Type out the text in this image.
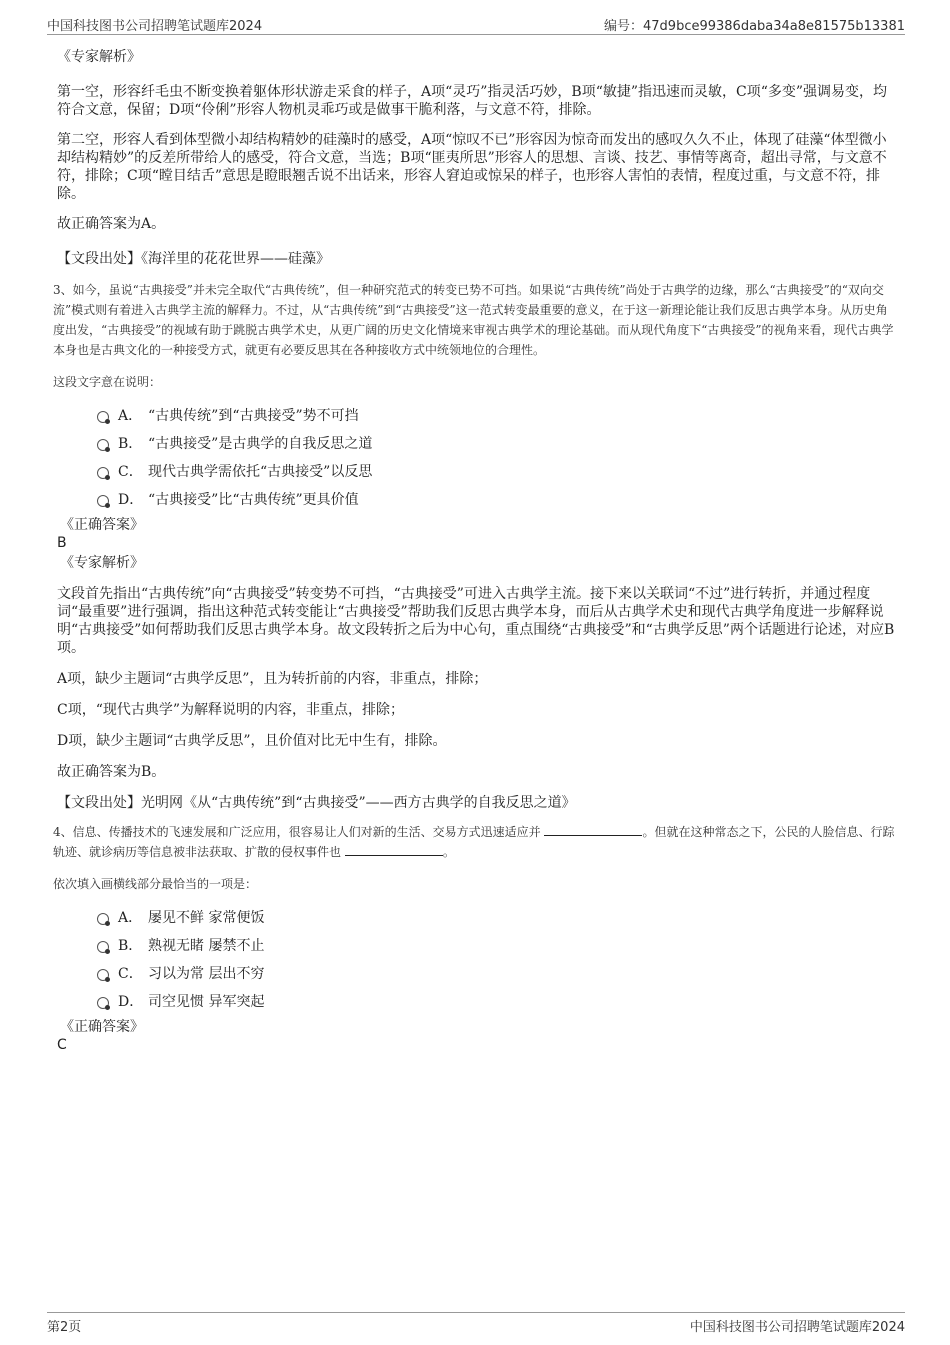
中国科技图书公司招聘笔试题库2024	编号：47d9bce99386daba34a8e81575b13381

《专家解析》

第一空，形容纤毛虫不断变换着躯体形状游走采食的样子，A项“灵巧”指灵活巧妙，B项“敏捷”指迅速而灵敏，C项“多变”强调易变，均符合文意，保留；D项“伶俐”形容人物机灵乖巧或是做事干脆利落，与文意不符，排除。

第二空，形容人看到体型微小却结构精妙的硅藻时的感受，A项“惊叹不已”形容因为惊奇而发出的感叹久久不止，体现了硅藻“体型微小却结构精妙”的反差所带给人的感受，符合文意，当选；B项“匪夷所思”形容人的思想、言谈、技艺、事情等离奇，超出寻常，与文意不符，排除；C项“瞠目结舌”意思是瞪眼翘舌说不出话来，形容人窘迫或惊呆的样子，也形容人害怕的表情，程度过重，与文意不符，排除。

故正确答案为A。

【文段出处】《海洋里的花花世界——硅藻》

3、如今，虽说“古典接受”并未完全取代“古典传统”，但一种研究范式的转变已势不可挡。如果说“古典传统”尚处于古典学的边缘，那么“古典接受”的“双向交流”模式则有着进入古典学主流的解释力。不过，从“古典传统”到“古典接受”这一范式转变最重要的意义，在于这一新理论能让我们反思古典学本身。从历史角度出发，“古典接受”的视域有助于跳脱古典学术史，从更广阔的历史文化情境来审视古典学术的理论基础。而从现代角度下“古典接受”的视角来看，现代古典学本身也是古典文化的一种接受方式，就更有必要反思其在各种接收方式中统领地位的合理性。

这段文字意在说明：

A． “古典传统”到“古典接受”势不可挡
B． “古典接受”是古典学的自我反思之道
C． 现代古典学需依托“古典接受”以反思
D． “古典接受”比“古典传统”更具价值

《正确答案》

B

《专家解析》

文段首先指出“古典传统”向“古典接受”转变势不可挡，“古典接受”可进入古典学主流。接下来以关联词“不过”进行转折，并通过程度词“最重要”进行强调，指出这种范式转变能让“古典接受”帮助我们反思古典学本身，而后从古典学术史和现代古典学角度进一步解释说明“古典接受”如何帮助我们反思古典学本身。故文段转折之后为中心句，重点围绕“古典接受”和“古典学反思”两个话题进行论述，对应B项。

A项，缺少主题词“古典学反思”，且为转折前的内容，非重点，排除；

C项，“现代古典学”为解释说明的内容，非重点，排除；

D项，缺少主题词“古典学反思”，且价值对比无中生有，排除。

故正确答案为B。

【文段出处】光明网《从“古典传统”到“古典接受”——西方古典学的自我反思之道》

4、信息、传播技术的飞速发展和广泛应用，很容易让人们对新的生活、交易方式迅速适应并	。但就在这种常态之下，公民的人脸信息、行踪轨迹、就诊病历等信息被非法获取、扩散的侵权事件也	。

依次填入画横线部分最恰当的一项是：

A． 屡见不鲜 家常便饭
B． 熟视无睹 屡禁不止
C． 习以为常 层出不穷
D． 司空见惯 异军突起

《正确答案》

C

第2页	中国科技图书公司招聘笔试题库2024
